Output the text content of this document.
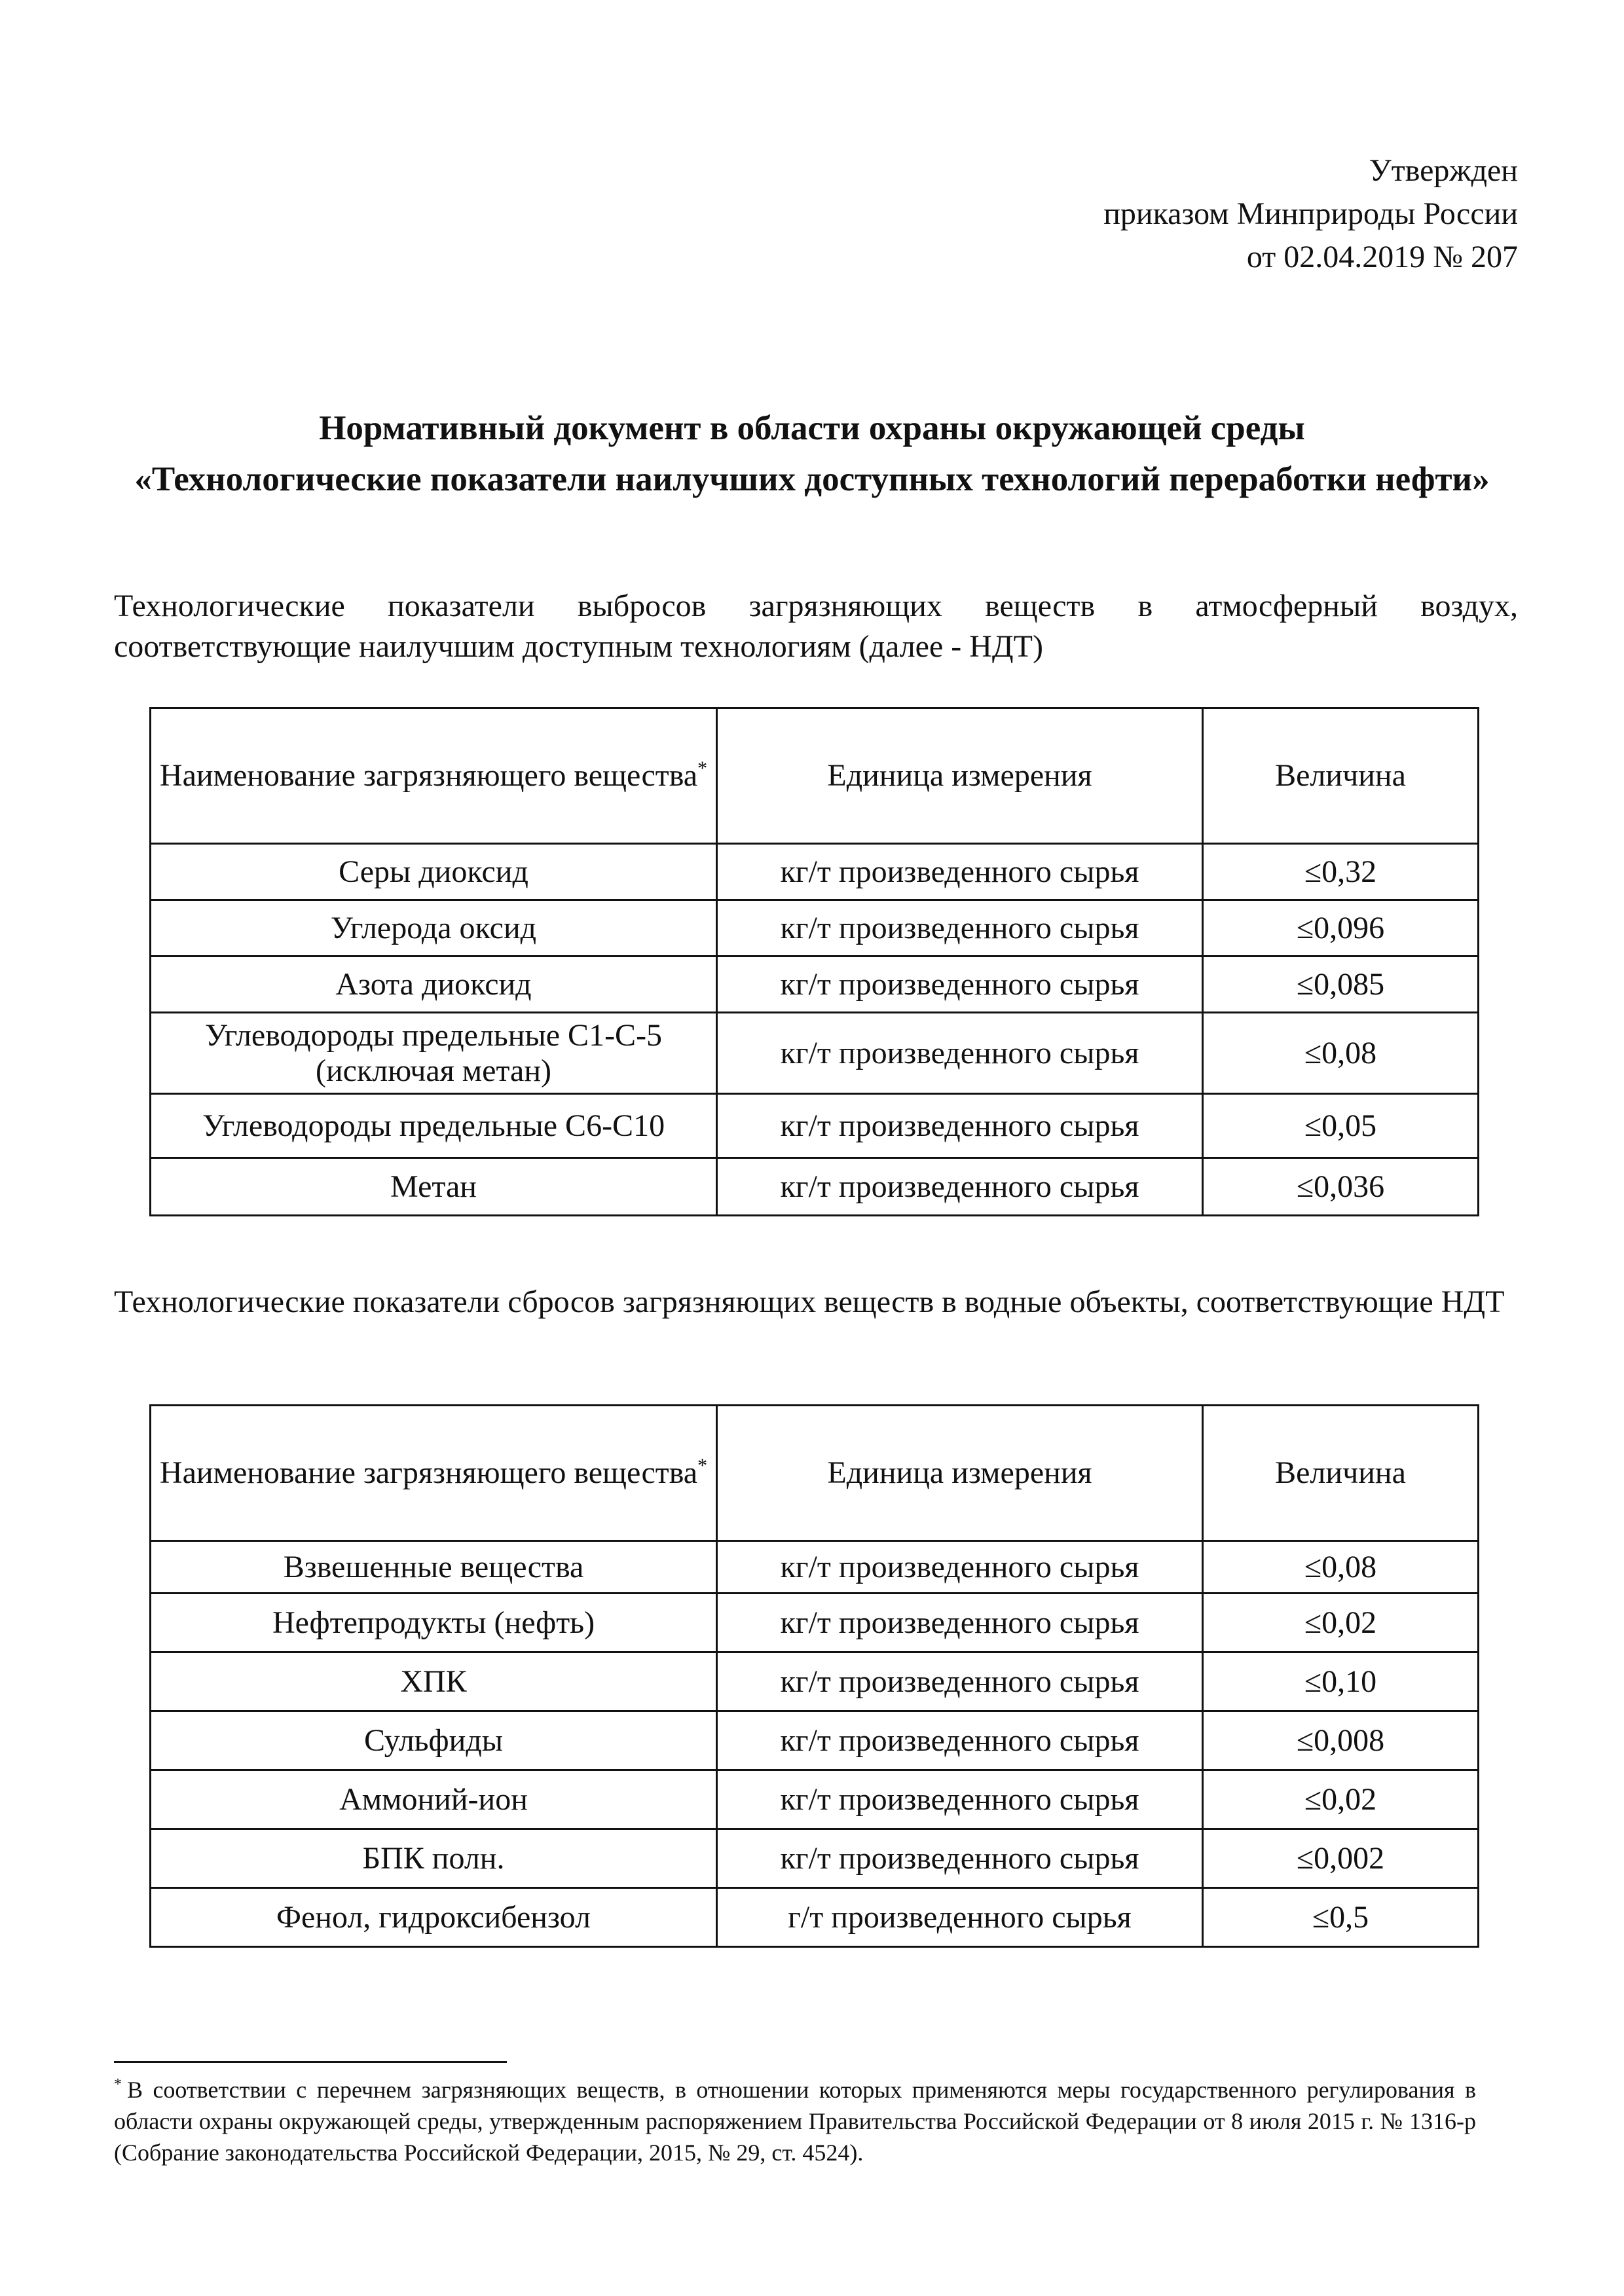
Утвержден
приказом Минприроды России
от 02.04.2019 № 207
Нормативный документ в области охраны окружающей среды
«Технологические показатели наилучших доступных технологий переработки нефти»
Технологические показатели выбросов загрязняющих веществ в атмосферный воздух, соответствующие наилучшим доступным технологиям (далее - НДТ)
Наименование загрязняющего вещества*	Единица измерения	Величина
Серы диоксид	кг/т произведенного сырья	≤0,32
Углерода оксид	кг/т произведенного сырья	≤0,096
Азота диоксид	кг/т произведенного сырья	≤0,085
Углеводороды предельные С1-С-5 (исключая метан)	кг/т произведенного сырья	≤0,08
Углеводороды предельные С6-С10	кг/т произведенного сырья	≤0,05
Метан	кг/т произведенного сырья	≤0,036
Технологические показатели сбросов загрязняющих веществ в водные объекты, соответствующие НДТ
Наименование загрязняющего вещества*	Единица измерения	Величина
Взвешенные вещества	кг/т произведенного сырья	≤0,08
Нефтепродукты (нефть)	кг/т произведенного сырья	≤0,02
ХПК	кг/т произведенного сырья	≤0,10
Сульфиды	кг/т произведенного сырья	≤0,008
Аммоний-ион	кг/т произведенного сырья	≤0,02
БПК полн.	кг/т произведенного сырья	≤0,002
Фенол, гидроксибензол	г/т произведенного сырья	≤0,5
* В соответствии с перечнем загрязняющих веществ, в отношении которых применяются меры государственного регулирования в области охраны окружающей среды, утвержденным распоряжением Правительства Российской Федерации от 8 июля 2015 г. № 1316-р (Собрание законодательства Российской Федерации, 2015, № 29, ст. 4524).
